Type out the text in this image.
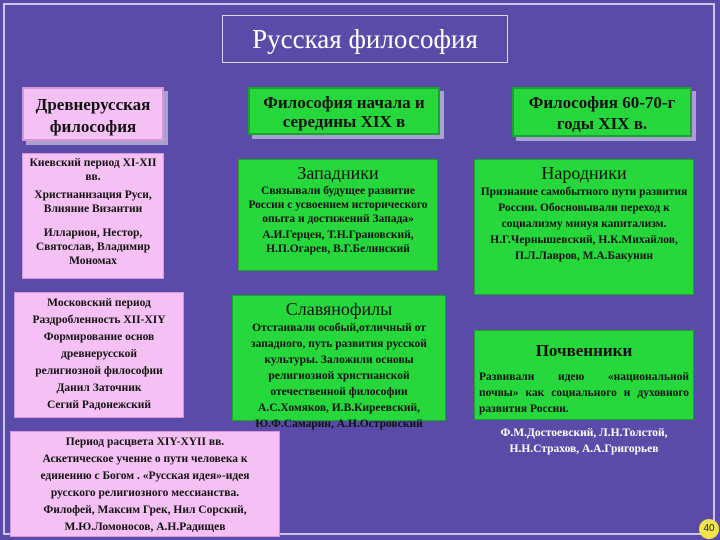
Русская философия
Древнерусская философия
Философия начала и середины XIX в
Философия 60-70-г годы XIX в.
Киевский период XI-XII вв.
Христианизация Руси, Влияние Византии
Илларион, Нестор, Святослав, Владимир Мономах
Московский период
Раздробленность XII-XIY
Формирование основ
древнерусской
религиозной философии
Данил Заточник
Сегий Радонежский
Период расцвета XIY-XYII вв.
Аскетическое учение о пути человека к
единению с Богом . «Русская идея»-идея
русского религиозного мессианства.
Филофей, Максим Грек, Нил Сорский,
М.Ю.Ломоносов, А.Н.Радищев
Западники
Связывали будущее развитие России с усвоением исторического опыта и достижений Запада»
А.И.Герцен, Т.Н.Грановский, Н.П.Огарев, В.Г.Белинский
Славянофилы
Отстаивали особый,отличный от западного, путь развития русской культуры. Заложили основы религиозной христианской отечественной философии
А.С.Хомяков, И.В.Киреевский, Ю.Ф.Самарин, А.Н.Островский
Народники
Признание самобытного пути развития России. Обосновывали переход к социализму минуя капитализм.
Н.Г.Чернышевский, Н.К.Михайлов, П.Л.Лавров, М.А.Бакунин
Почвенники
Развивали идею «национальной почвы» как социального и духовного развития России.
Ф.М.Достоевский, Л.Н.Толстой, Н.Н.Страхов, А.А.Григорьев
40
